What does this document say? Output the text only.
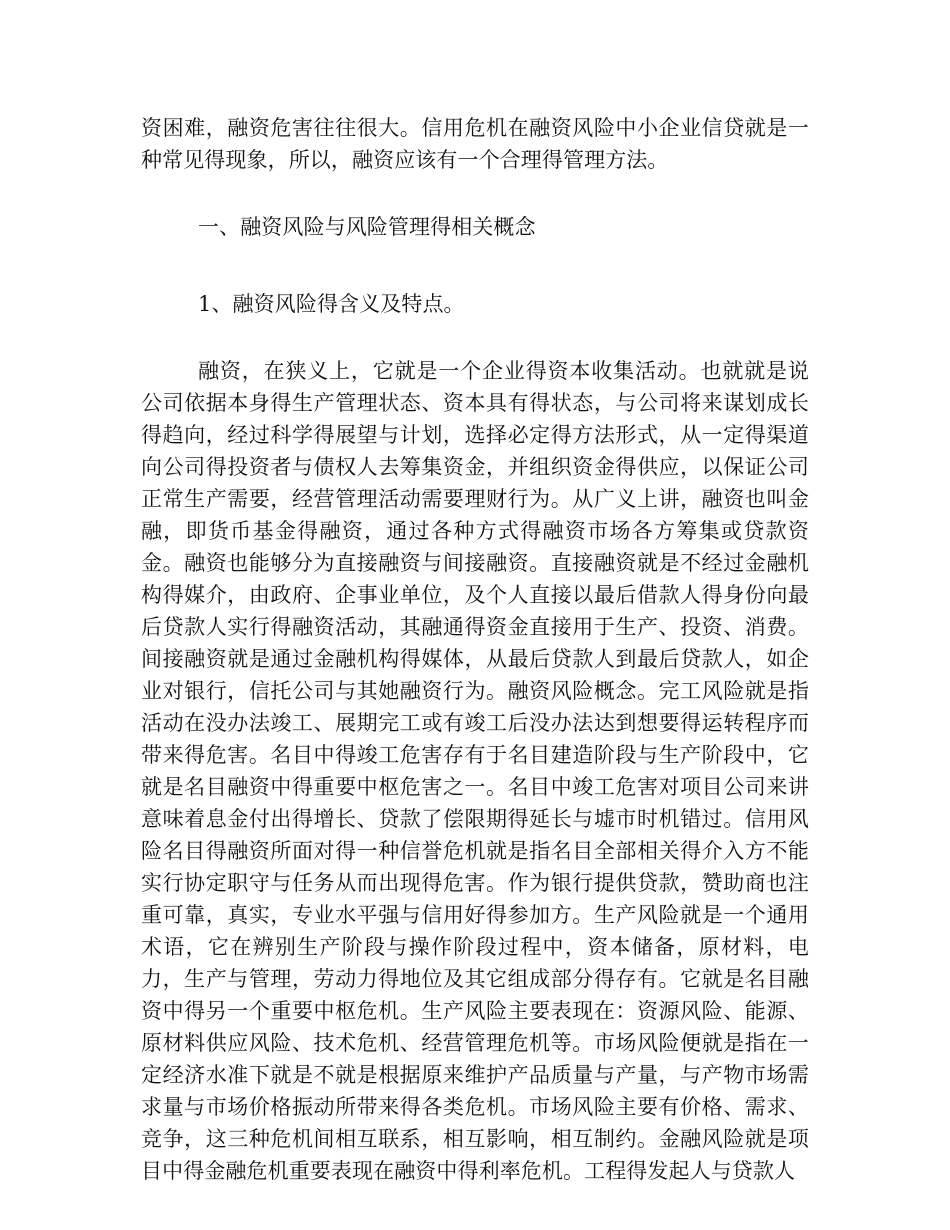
资困难，融资危害往往很大。信用危机在融资风险中小企业信贷就是一种常见得现象，所以，融资应该有一个合理得管理方法。

一、融资风险与风险管理得相关概念

1、融资风险得含义及特点。

融资，在狭义上，它就是一个企业得资本收集活动。也就就是说公司依据本身得生产管理状态、资本具有得状态，与公司将来谋划成长得趋向，经过科学得展望与计划，选择必定得方法形式，从一定得渠道向公司得投资者与债权人去筹集资金，并组织资金得供应，以保证公司正常生产需要，经营管理活动需要理财行为。从广义上讲，融资也叫金融，即货币基金得融资，通过各种方式得融资市场各方筹集或贷款资金。融资也能够分为直接融资与间接融资。直接融资就是不经过金融机构得媒介，由政府、企事业单位，及个人直接以最后借款人得身份向最后贷款人实行得融资活动，其融通得资金直接用于生产、投资、消费。间接融资就是通过金融机构得媒体，从最后贷款人到最后贷款人，如企业对银行，信托公司与其她融资行为。融资风险概念。完工风险就是指活动在没办法竣工、展期完工或有竣工后没办法达到想要得运转程序而带来得危害。名目中得竣工危害存有于名目建造阶段与生产阶段中，它就是名目融资中得重要中枢危害之一。名目中竣工危害对项目公司来讲意味着息金付出得增长、贷款了偿限期得延长与墟市时机错过。信用风险名目得融资所面对得一种信誉危机就是指名目全部相关得介入方不能实行协定职守与任务从而出现得危害。作为银行提供贷款，赞助商也注重可靠，真实，专业水平强与信用好得参加方。生产风险就是一个通用术语，它在辨别生产阶段与操作阶段过程中，资本储备，原材料，电力，生产与管理，劳动力得地位及其它组成部分得存有。它就是名目融资中得另一个重要中枢危机。生产风险主要表现在：资源风险、能源、原材料供应风险、技术危机、经营管理危机等。市场风险便就是指在一定经济水准下就是不就是根据原来维护产品质量与产量，与产物市场需求量与市场价格振动所带来得各类危机。市场风险主要有价格、需求、竞争，这三种危机间相互联系，相互影响，相互制约。金融风险就是项目中得金融危机重要表现在融资中得利率危机。工程得发起人与贷款人
